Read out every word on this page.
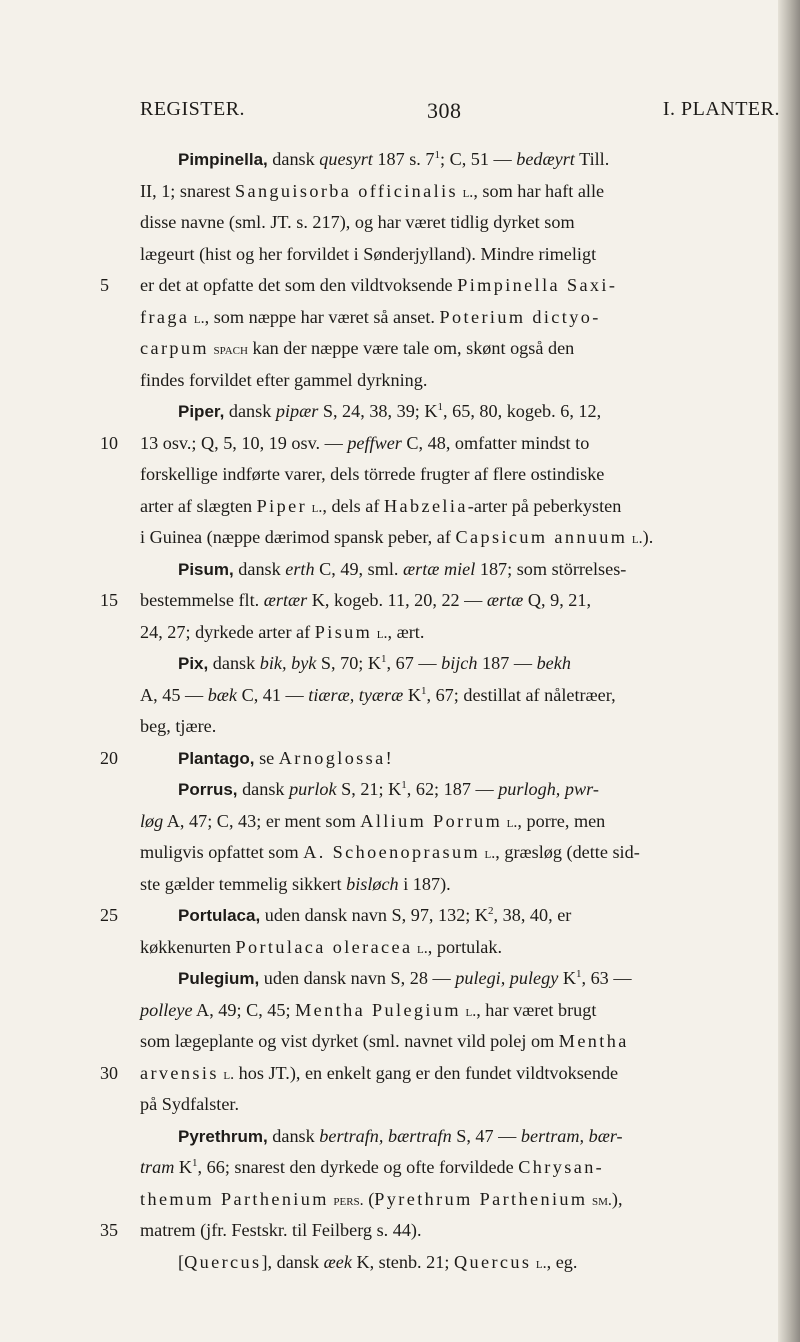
REGISTER.	308	I. PLANTER.
Pimpinella, dansk quesyrt 187 s. $7^1$; C, 51 — bedæyrt Till.
II, 1; snarest Sanguisorba officinalis l., som har haft alle
disse navne (sml. JT. s. 217), og har været tidlig dyrket som
lægeurt (hist og her forvildet i Sønderjylland). Mindre rimeligt
5	er det at opfatte det som den vildtvoksende Pimpinella Saxi-
fraga l., som næppe har været så anset. Poterium dictyo-
carpum spach kan der næppe være tale om, skønt også den
findes forvildet efter gammel dyrkning.
Piper, dansk pipær S, 24, 38, 39; $K^1$, 65, 80, kogeb. 6, 12,
10	13 osv.; Q, 5, 10, 19 osv. — peffwer C, 48, omfatter mindst to
forskellige indførte varer, dels törrede frugter af flere ostindiske
arter af slægten Piper l., dels af Habzelia-arter på peberkysten
i Guinea (næppe dærimod spansk peber, af Capsicum annuum l.).
Pisum, dansk erth C, 49, sml. ærtæ miel 187; som störrelses-
15	bestemmelse flt. ærtær K, kogeb. 11, 20, 22 — ærtæ Q, 9, 21,
24, 27; dyrkede arter af Pisum l., ært.
Pix, dansk bik, byk S, 70; $K^1$, 67 — bijch 187 — bekh
A, 45 — bæk C, 41 — tiæræ, tyæræ $K^1$, 67; destillat af nåletræer,
beg, tjære.
20	Plantago, se Arnoglossa!
Porrus, dansk purlok S, 21; $K^1$, 62; 187 — purlogh, pwr-
løg A, 47; C, 43; er ment som Allium Porrum l., porre, men
muligvis opfattet som A. Schoenoprasum l., græsløg (dette sid-
ste gælder temmelig sikkert bisløch i 187).
25	Portulaca, uden dansk navn S, 97, 132; $K^2$, 38, 40, er
køkkenurten Portulaca oleracea l., portulak.
Pulegium, uden dansk navn S, 28 — pulegi, pulegy $K^1$, 63 —
polleye A, 49; C, 45; Mentha Pulegium l., har været brugt
som lægeplante og vist dyrket (sml. navnet vild polej om Mentha
30	arvensis l. hos JT.), en enkelt gang er den fundet vildtvoksende
på Sydfalster.
Pyrethrum, dansk bertrafn, bærtrafn S, 47 — bertram, bær-
tram $K^1$, 66; snarest den dyrkede og ofte forvildede Chrysan-
themum Parthenium pers. (Pyrethrum Parthenium sm.),
35	matrem (jfr. Festskr. til Feilberg s. 44).
[Quercus], dansk æek K, stenb. 21; Quercus l., eg.
